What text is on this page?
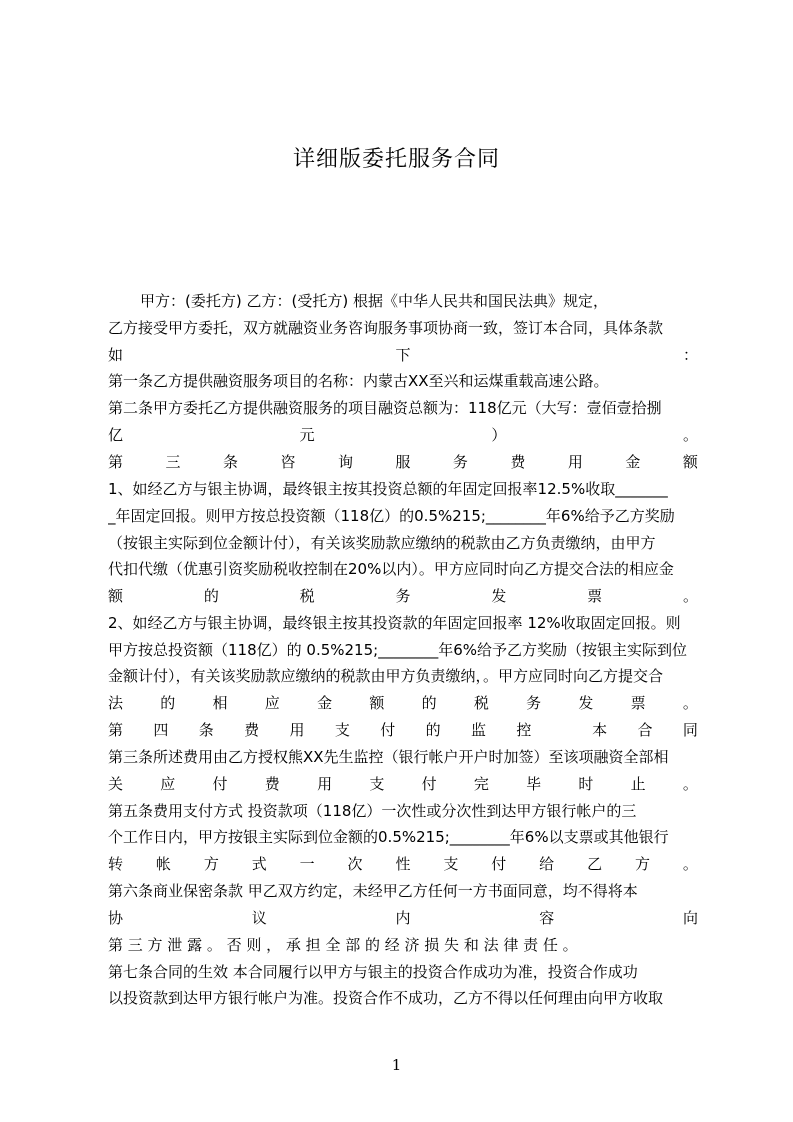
详细版委托服务合同
甲方：(委托方) 乙方：(受托方) 根据《中华人民共和国民法典》规定，
乙方接受甲方委托，双方就融资业务咨询服务事项协商一致，签订本合同，具体条款
如	下	：
第一条乙方提供融资服务项目的名称：内蒙古XX至兴和运煤重载高速公路。
第二条甲方委托乙方提供融资服务的项目融资总额为：118亿元（大写：壹佰壹拾捌
亿	元	）	。
第	三	条	咨	询	服	务	费	用	金	额
1、如经乙方与银主协调，最终银主按其投资总额的年固定回报率12.5%收取_______
_年固定回报。则甲方按总投资额（118亿）的0.5%215;________年6%给予乙方奖励
（按银主实际到位金额计付），有关该奖励款应缴纳的税款由乙方负责缴纳，由甲方
代扣代缴（优惠引资奖励税收控制在20%以内）。甲方应同时向乙方提交合法的相应金
额	的	税	务	发	票	。
2、如经乙方与银主协调，最终银主按其投资款的年固定回报率 12%收取固定回报。则
甲方按总投资额（118亿）的 0.5%215;________年6%给予乙方奖励（按银主实际到位
金额计付），有关该奖励款应缴纳的税款由甲方负责缴纳，。甲方应同时向乙方提交合
法 的 相 应 金 额 的 税 务 发 票 。
第 四 条 费 用 支 付 的 监 控	本 合 同
第三条所述费用由乙方授权熊XX先生监控（银行帐户开户时加签）至该项融资全部相
关 应 付 费 用 支 付 完 毕 时 止 。
第五条费用支付方式 投资款项（118亿）一次性或分次性到达甲方银行帐户的三
个工作日内，甲方按银主实际到位金额的0.5%215;________年6%以支票或其他银行
转 帐 方 式 一 次 性 支 付 给 乙 方 。
第六条商业保密条款 甲乙双方约定，未经甲乙方任何一方书面同意，均不得将本
协	议	内	容	向
第 三 方 泄 露 。 否 则 ， 承 担 全 部 的 经 济 损 失 和 法 律 责 任 。
第七条合同的生效 本合同履行以甲方与银主的投资合作成功为准，投资合作成功
以投资款到达甲方银行帐户为准。投资合作不成功，乙方不得以任何理由向甲方收取
1
